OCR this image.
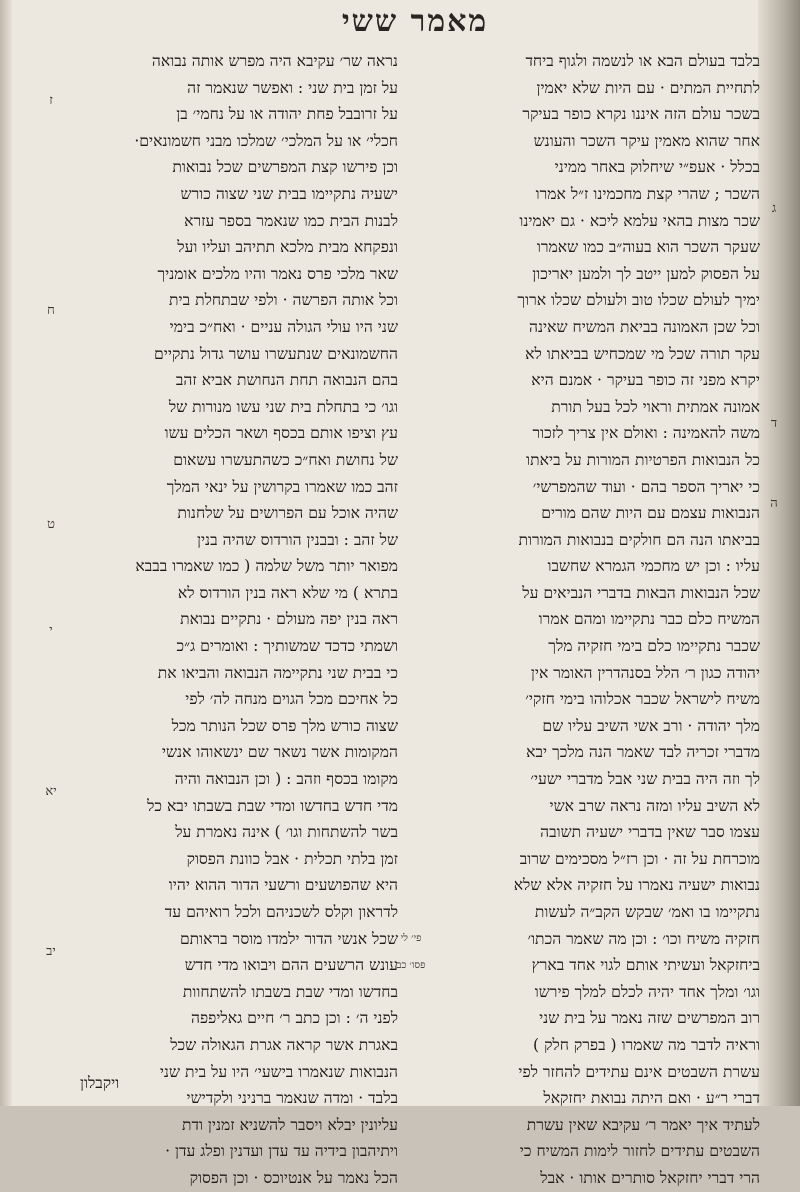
מאמר ששי
בלבד בעולם הבא או לנשמה ולגוף ביחד
לתחיית המתים · עם היות שלא יאמין
בשכר עולם הזה איננו נקרא כופר בעיקר
אחר שהוא מאמין עיקר השכר והעונש
בכלל · אעפ״י שיחלוק באחר ממיני
השכר ; שהרי קצת מחכמינו ז״ל אמרו
שכר מצות בהאי עלמא ליכא · גם יאמינו
שעקר השכר הוא בעוה״ב כמו שאמרו
על הפסוק למען ייטב לך ולמען יאריכון
ימיך לעולם שכלו טוב ולעולם שכלו ארוך
וכל שכן האמונה בביאת המשיח שאינה
עקר תורה שכל מי שמכחיש בביאתו לא
יקרא מפני זה כופר בעיקר · אמנם היא
אמונה אמתית וראוי לכל בעל תורת
משה להאמינה : ואולם אין צריך לזכור
כל הנבואות הפרטיות המורות על ביאתו
כי יאריך הספר בהם · ועוד שהמפרשי׳
הנבואות עצמם עם היות שהם מורים
בביאתו הנה הם חולקים בנבואות המורות
עליו : וכן יש מחכמי הגמרא שחשבו
שכל הנבואות הבאות בדברי הנביאים על
המשיח כלם כבר נתקיימו ומהם אמרו
שכבר נתקיימו כלם בימי חזקיה מלך
יהודה כגון ר׳ הלל בסנהדרין האומר אין
משיח לישראל שכבר אכלוהו בימי חזקי׳
מלך יהודה · ורב אשי השיב עליו שם
מדברי זכריה לבד שאמר הנה מלכך יבא
לך וזה היה בבית שני אבל מדברי ישעי׳
לא השיב עליו ומזה נראה שרב אשי
עצמו סבר שאין בדברי ישעיה תשובה
מוכרחת על זה · וכן רז״ל מסכימים שרוב
נבואות ישעיה נאמרו על חזקיה אלא שלא
נתקיימו בו ואמ׳ שבקש הקב״ה לעשות
חזקיה משיח וכו׳ : וכן מה שאמר הכתו׳
ביחזקאל ועשיתי אותם לגוי אחד בארץ
וגו׳ ומלך אחד יהיה לכלם למלך פירשו
רוב המפרשים שזה נאמר על בית שני
וראיה לדבר מה שאמרו ( בפרק חלק )
עשרת השבטים אינם עתידים להחזר לפי
דברי ר״ע · ואם היתה נבואת יחזקאל
לעתיד איך יאמר ר׳ עקיבא שאין עשרת
השבטים עתידים לחזור לימות המשיח כי
הרי דברי יחזקאל סותרים אותו · אבל
נראה שר׳ עקיבא היה מפרש אותה נבואה
על זמן בית שני : ואפשר שנאמר זה
על זרובבל פחת יהודה או על נחמי׳ בן
חכלי׳ או על המלכי׳ שמלכו מבני חשמונאים·
וכן פירשו קצת המפרשים שכל נבואות
ישעיה נתקיימו בבית שני שצוה כורש
לבנות הבית כמו שנאמר בספר עזרא
ונפקחא מבית מלכא תתיהב ועליו ועל
שאר מלכי פרס נאמר והיו מלכים אומניך
וכל אותה הפרשה · ולפי שבתחלת בית
שני היו עולי הגולה עניים · ואח״כ בימי
החשמונאים שנתעשרו עושר גדול נתקיים
בהם הנבואה תחת הנחושת אביא זהב
וגו׳ כי בתחלת בית שני עשו מנורות של
עץ וציפו אותם בכסף ושאר הכלים עשו
של נחושת ואח״כ כשהתעשרו עשאום
זהב כמו שאמרו בקרושין על ינאי המלך
שהיה אוכל עם הפרושים על שלחנות
של זהב : ובבנין הורדוס שהיה בנין
מפואר יותר משל שלמה ( כמו שאמרו בבבא
בתרא ) מי שלא ראה בנין הורדוס לא
ראה בנין יפה מעולם · נתקיים נבואת
ושמתי כדכד שמשותיך : ואומרים ג״כ
כי בבית שני נתקיימה הנבואה והביאו את
כל אחיכם מכל הגוים מנחה לה׳ לפי
שצוה כורש מלך פרס שכל הנותר מכל
המקומות אשר נשאר שם ינשאוהו אנשי
מקומו בכסף וזהב : ( וכן הנבואה והיה
מדי חדש בחדשו ומדי שבת בשבתו יבא כל
בשר להשתחות וגו׳ ) אינה נאמרת על
זמן בלתי תכלית · אבל כוונת הפסוק
היא שהפושעים ורשעי הדור ההוא יהיו
לדראון וקלס לשכניהם ולכל רואיהם עד
שכל אנשי הדור ילמדו מוסר בראותם
עונש הרשעים ההם ויבואו מדי חדש
בחדשו ומדי שבת בשבתו להשתחוות
לפני ה׳ : וכן כתב ר׳ חיים גאליפפה
באגרת אשר קראה אגרת הגאולה שכל
הנבואות שנאמרו בישעי׳ היו על בית שני
בלבד · ומדה שנאמר ברניני ולקדישי
עליונין יבלא ויסבר להשניא זמנין ודת
ויתיהבון בידיה עד עדן ועדנין ופלג עדן ·
הכל נאמר על אנטיוכס · וכן הפסוק
ג
ד
ה
ז
ח
ט
י
יא
יב
פי׳ לי
פסו׳ כב
ויקבלון
